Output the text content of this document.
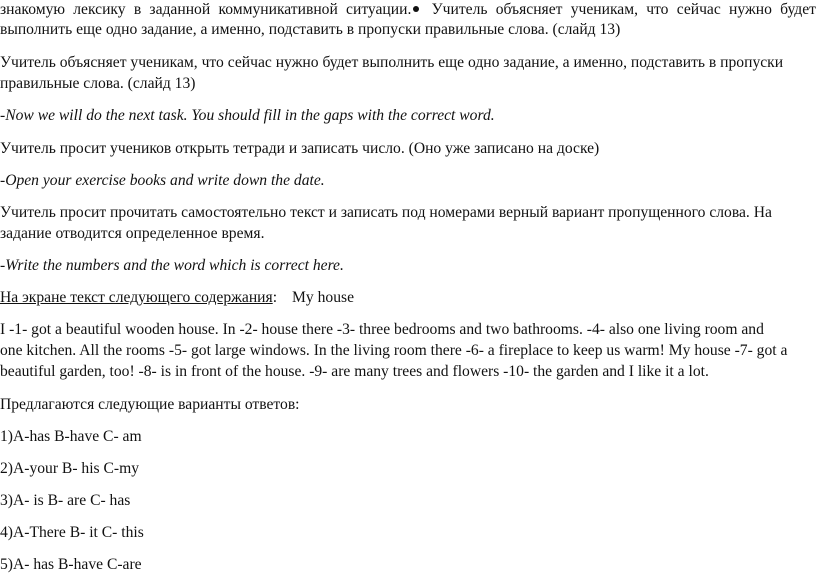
знакомую лексику в заданной коммуникативной ситуации.	Учитель объясняет ученикам, что сейчас нужно будет
выполнить еще одно задание, а именно, подставить в пропуски правильные слова. (слайд 13)
Учитель объясняет ученикам, что сейчас нужно будет выполнить еще одно задание, а именно, подставить в пропуски
правильные слова. (слайд 13)
-Now we will do the next task. You should fill in the gaps with the correct word.
Учитель просит учеников открыть тетради и записать число. (Оно уже записано на доске)
-Open your exercise books and write down the date.
Учитель просит прочитать самостоятельно текст и записать под номерами верный вариант пропущенного слова. На
задание отводится определенное время.
-Write the numbers and the word which is correct here.
На экране текст следующего содержания: My house
I -1- got a beautiful wooden house. In -2- house there -3- three bedrooms and two bathrooms. -4- also one living room and
one kitchen. All the rooms -5- got large windows. In the living room there -6- a fireplace to keep us warm! My house -7- got a
beautiful garden, too! -8- is in front of the house. -9- are many trees and flowers -10- the garden and I like it a lot.
Предлагаются следующие варианты ответов:
1)A-has B-have C- am
2)A-your B- his C-my
3)A- is B- are C- has
4)A-There B- it C- this
5)A- has B-have C-are
